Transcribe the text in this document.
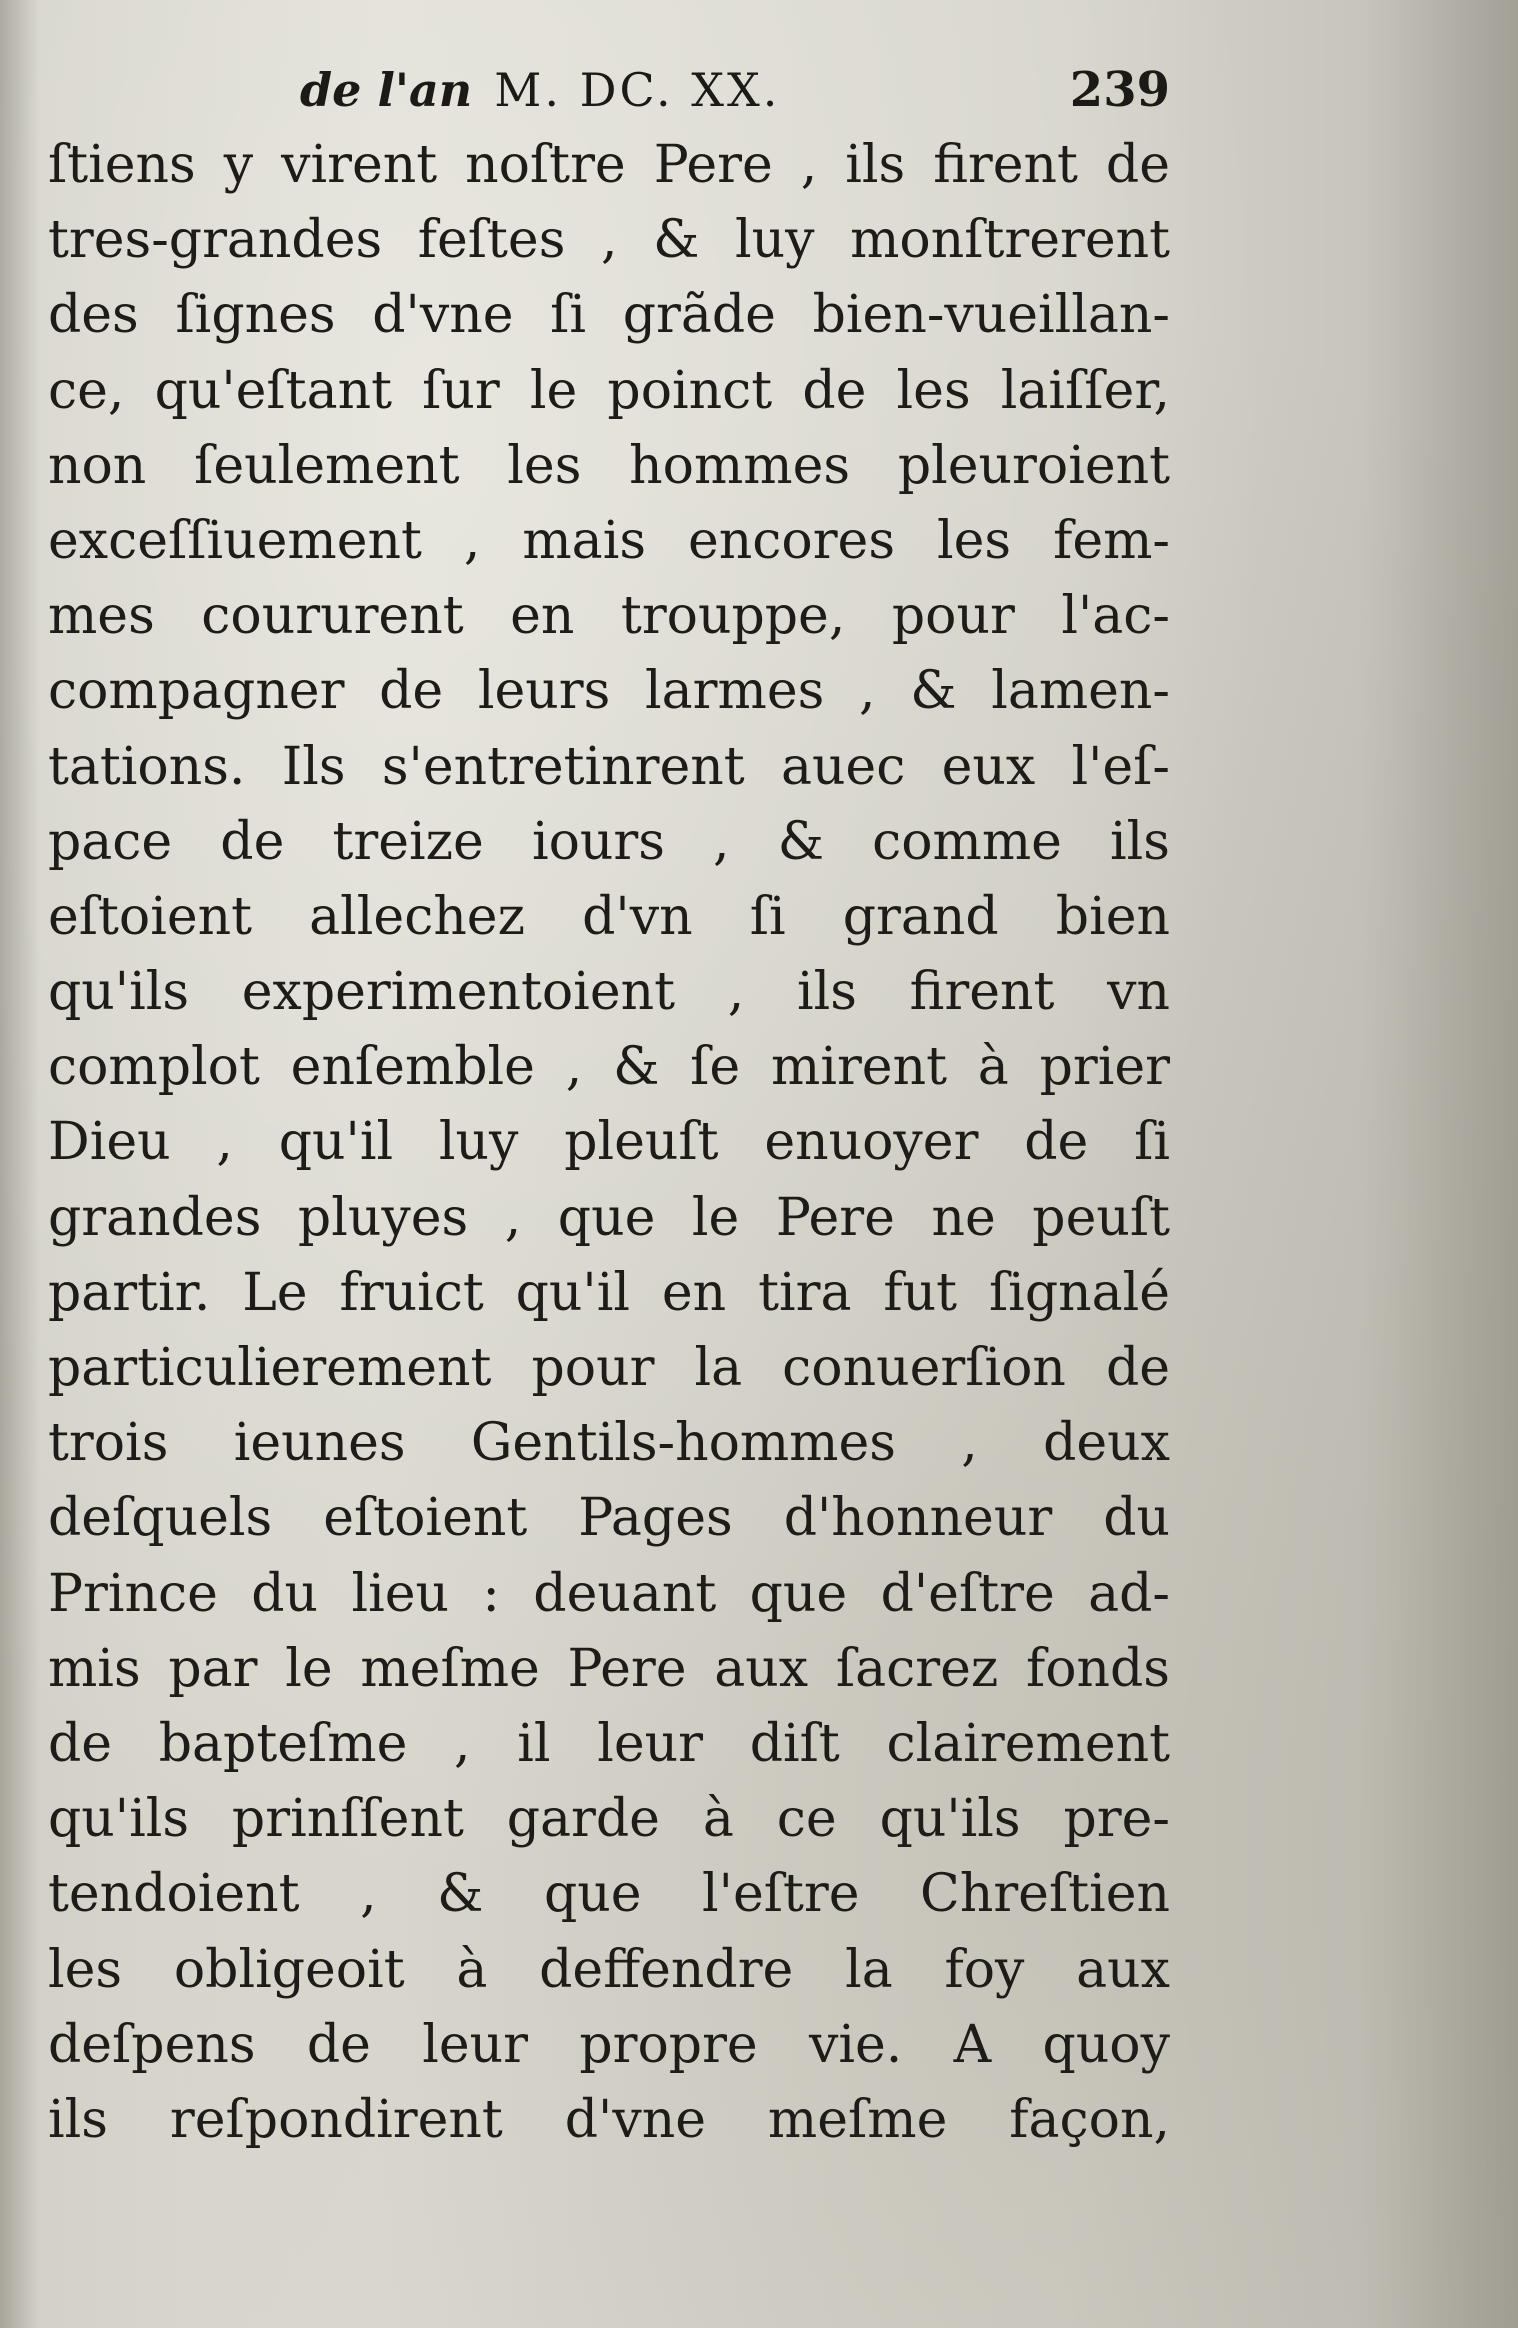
de l'an M. DC. XX.	239
ſtiens y virent noſtre Pere , ils firent de
tres-grandes feſtes , & luy monſtrerent
des ſignes d'vne ſi grãde bien-vueillan-
ce, qu'eſtant ſur le poinct de les laiſſer,
non ſeulement les hommes pleuroient
exceſſiuement , mais encores les fem-
mes coururent en trouppe, pour l'ac-
compagner de leurs larmes , & lamen-
tations. Ils s'entretinrent auec eux l'eſ-
pace de treize iours , & comme ils
eſtoient allechez d'vn ſi grand bien
qu'ils experimentoient , ils firent vn
complot enſemble , & ſe mirent à prier
Dieu , qu'il luy pleuſt enuoyer de ſi
grandes pluyes , que le Pere ne peuſt
partir. Le fruict qu'il en tira fut ſignalé
particulierement pour la conuerſion de
trois ieunes Gentils-hommes , deux
deſquels eſtoient Pages d'honneur du
Prince du lieu : deuant que d'eſtre ad-
mis par le meſme Pere aux ſacrez fonds
de bapteſme , il leur diſt clairement
qu'ils prinſſent garde à ce qu'ils pre-
tendoient , & que l'eſtre Chreſtien
les obligeoit à deffendre la foy aux
deſpens de leur propre vie. A quoy
ils reſpondirent d'vne meſme façon,
